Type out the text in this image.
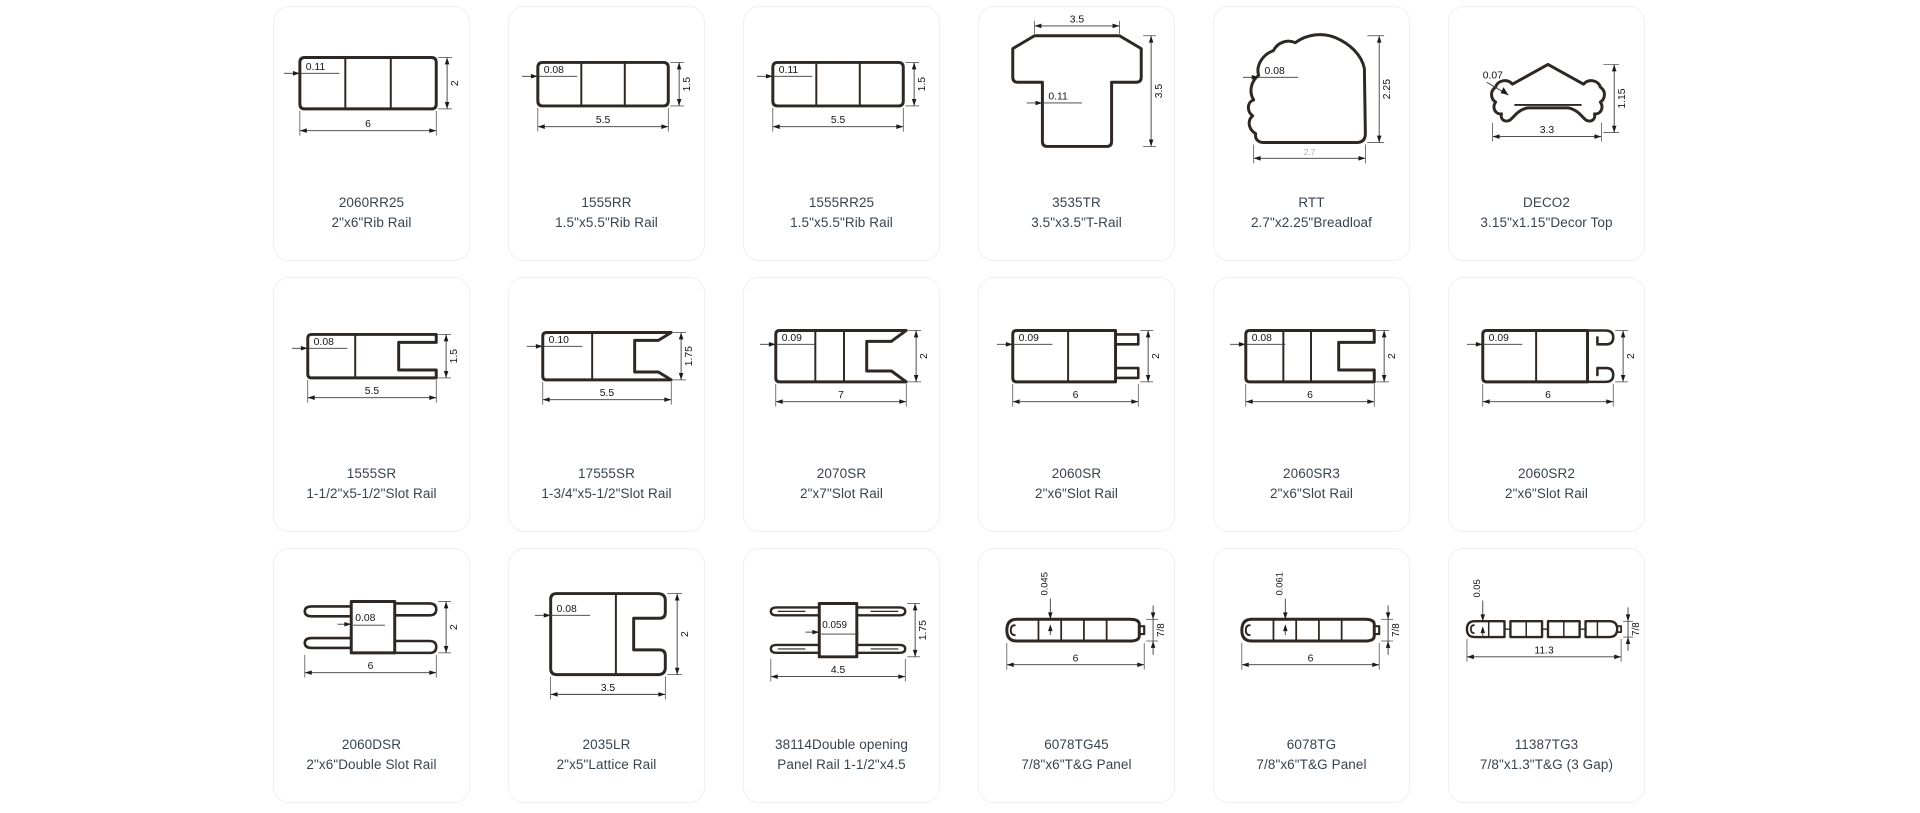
0.11
6
2
2060RR25
2"x6"Rib Rail
0.08
5.5
1.5
1555RR
1.5"x5.5"Rib Rail
0.11
5.5
1.5
1555RR25
1.5"x5.5"Rib Rail
0.11
3.5
3.5
3535TR
3.5"x3.5"T-Rail
0.08
2.25
2.7
RTT
2.7"x2.25"Breadloaf
0.07
3.3
1.15
DECO2
3.15"x1.15"Decor Top
0.08
5.5
1.5
1555SR
1-1/2"x5-1/2"Slot Rail
0.10
5.5
1.75
17555SR
1-3/4"x5-1/2"Slot Rail
0.09
7
2
2070SR
2"x7"Slot Rail
0.09
6
2
2060SR
2"x6"Slot Rail
0.08
6
2
2060SR3
2"x6"Slot Rail
0.09
6
2
2060SR2
2"x6"Slot Rail
0.08
6
2
2060DSR
2"x6"Double Slot Rail
0.08
3.5
2
2035LR
2"x5"Lattice Rail
0.059
4.5
1.75
38114Double opening
Panel Rail 1-1/2"x4.5
0.045
6
7/8
6078TG45
7/8"x6"T&G Panel
0.061
6
7/8
6078TG
7/8"x6"T&G Panel
0.05
11.3
7/8
11387TG3
7/8"x1.3"T&G (3 Gap)
